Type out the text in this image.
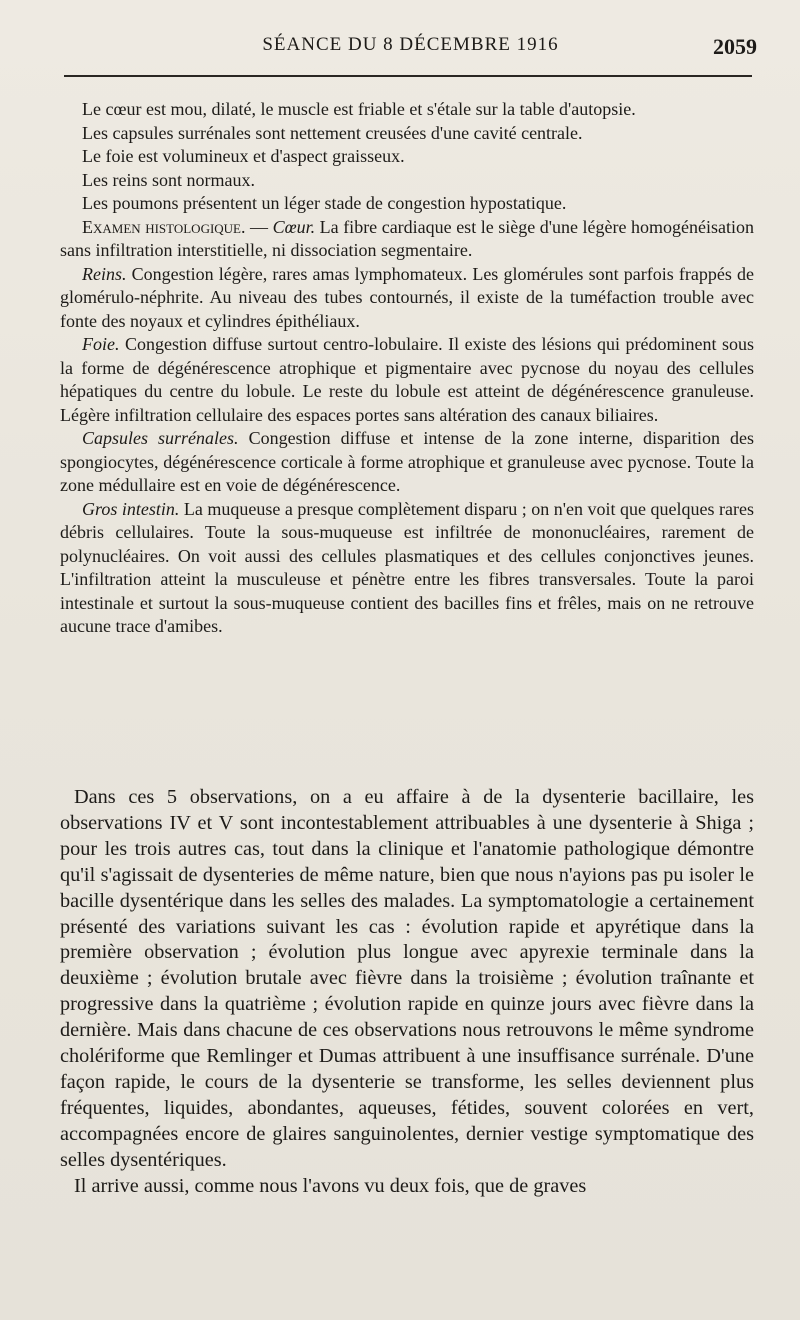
SÉANCE DU 8 DÉCEMBRE 1916	2059

Le cœur est mou, dilaté, le muscle est friable et s'étale sur la table d'autopsie.

Les capsules surrénales sont nettement creusées d'une cavité centrale.

Le foie est volumineux et d'aspect graisseux.

Les reins sont normaux.

Les poumons présentent un léger stade de congestion hypostatique.

Examen histologique. — Cœur. La fibre cardiaque est le siège d'une légère homogénéisation sans infiltration interstitielle, ni dissociation segmentaire.

Reins. Congestion légère, rares amas lymphomateux. Les glomérules sont parfois frappés de glomérulo-néphrite. Au niveau des tubes contournés, il existe de la tuméfaction trouble avec fonte des noyaux et cylindres épithéliaux.

Foie. Congestion diffuse surtout centro-lobulaire. Il existe des lésions qui prédominent sous la forme de dégénérescence atrophique et pigmentaire avec pycnose du noyau des cellules hépatiques du centre du lobule. Le reste du lobule est atteint de dégénérescence granuleuse. Légère infiltration cellulaire des espaces portes sans altération des canaux biliaires.

Capsules surrénales. Congestion diffuse et intense de la zone interne, disparition des spongiocytes, dégénérescence corticale à forme atrophique et granuleuse avec pycnose. Toute la zone médullaire est en voie de dégénérescence.

Gros intestin. La muqueuse a presque complètement disparu ; on n'en voit que quelques rares débris cellulaires. Toute la sous-muqueuse est infiltrée de mononucléaires, rarement de polynucléaires. On voit aussi des cellules plasmatiques et des cellules conjonctives jeunes. L'infiltration atteint la musculeuse et pénètre entre les fibres transversales. Toute la paroi intestinale et surtout la sous-muqueuse contient des bacilles fins et frêles, mais on ne retrouve aucune trace d'amibes.

Dans ces 5 observations, on a eu affaire à de la dysenterie bacillaire, les observations IV et V sont incontestablement attribuables à une dysenterie à Shiga ; pour les trois autres cas, tout dans la clinique et l'anatomie pathologique démontre qu'il s'agissait de dysenteries de même nature, bien que nous n'ayions pas pu isoler le bacille dysentérique dans les selles des malades. La symptomatologie a certainement présenté des variations suivant les cas : évolution rapide et apyrétique dans la première observation ; évolution plus longue avec apyrexie terminale dans la deuxième ; évolution brutale avec fièvre dans la troisième ; évolution traînante et progressive dans la quatrième ; évolution rapide en quinze jours avec fièvre dans la dernière. Mais dans chacune de ces observations nous retrouvons le même syndrome cholériforme que Remlinger et Dumas attribuent à une insuffisance surrénale. D'une façon rapide, le cours de la dysenterie se transforme, les selles deviennent plus fréquentes, liquides, abondantes, aqueuses, fétides, souvent colorées en vert, accompagnées encore de glaires sanguinolentes, dernier vestige symptomatique des selles dysentériques.

Il arrive aussi, comme nous l'avons vu deux fois, que de graves
